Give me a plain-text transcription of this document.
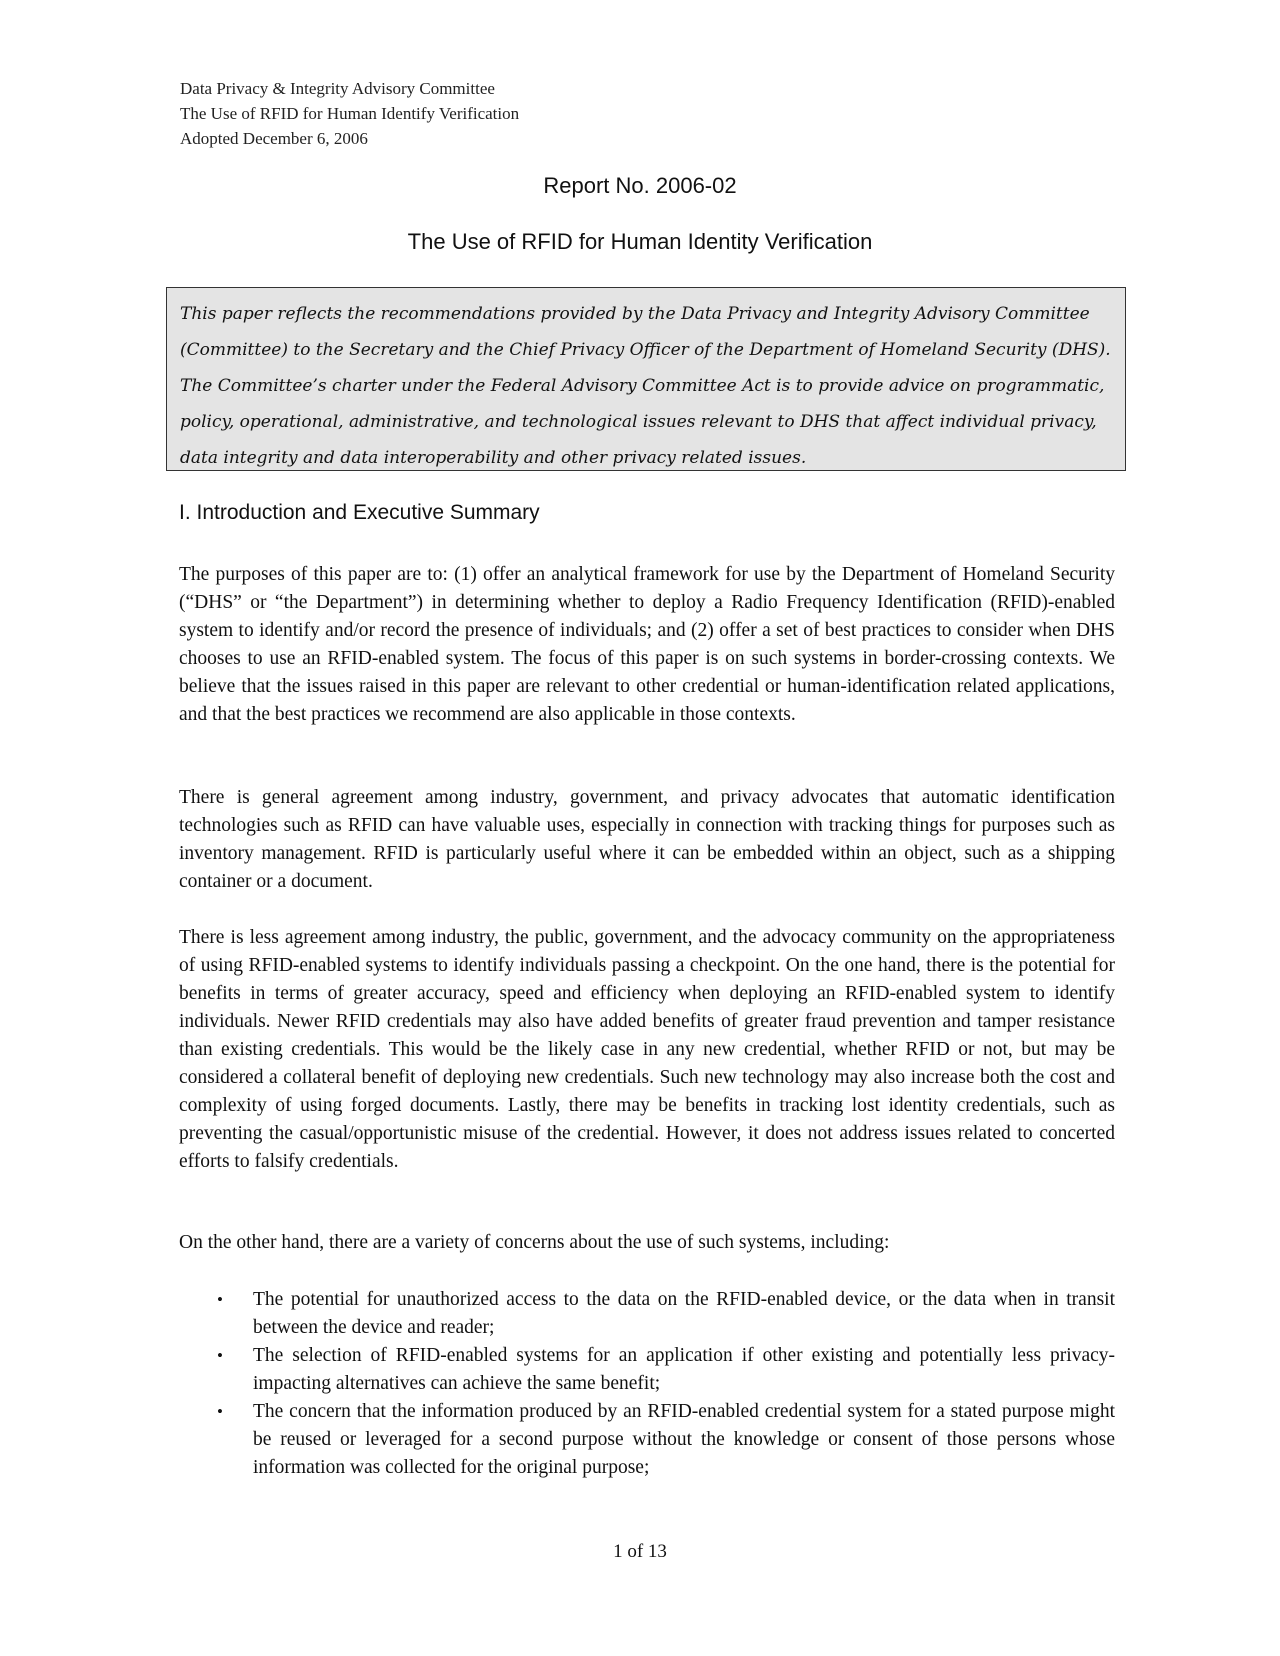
Data Privacy & Integrity Advisory Committee
The Use of RFID for Human Identify Verification
Adopted December 6, 2006
Report No. 2006-02
The Use of RFID for Human Identity Verification
This paper reflects the recommendations provided by the Data Privacy and Integrity Advisory Committee (Committee) to the Secretary and the Chief Privacy Officer of the Department of Homeland Security (DHS). The Committee’s charter under the Federal Advisory Committee Act is to provide advice on programmatic, policy, operational, administrative, and technological issues relevant to DHS that affect individual privacy, data integrity and data interoperability and other privacy related issues.
I. Introduction and Executive Summary

The purposes of this paper are to: (1) offer an analytical framework for use by the Department of Homeland Security (“DHS” or “the Department”) in determining whether to deploy a Radio Frequency Identification (RFID)-enabled system to identify and/or record the presence of individuals; and (2) offer a set of best practices to consider when DHS chooses to use an RFID-enabled system. The focus of this paper is on such systems in border-crossing contexts. We believe that the issues raised in this paper are relevant to other credential or human-identification related applications, and that the best practices we recommend are also applicable in those contexts.

There is general agreement among industry, government, and privacy advocates that automatic identification technologies such as RFID can have valuable uses, especially in connection with tracking things for purposes such as inventory management. RFID is particularly useful where it can be embedded within an object, such as a shipping container or a document.

There is less agreement among industry, the public, government, and the advocacy community on the appropriateness of using RFID-enabled systems to identify individuals passing a checkpoint. On the one hand, there is the potential for benefits in terms of greater accuracy, speed and efficiency when deploying an RFID-enabled system to identify individuals. Newer RFID credentials may also have added benefits of greater fraud prevention and tamper resistance than existing credentials. This would be the likely case in any new credential, whether RFID or not, but may be considered a collateral benefit of deploying new credentials. Such new technology may also increase both the cost and complexity of using forged documents. Lastly, there may be benefits in tracking lost identity credentials, such as preventing the casual/opportunistic misuse of the credential. However, it does not address issues related to concerted efforts to falsify credentials.

On the other hand, there are a variety of concerns about the use of such systems, including:

• The potential for unauthorized access to the data on the RFID-enabled device, or the data when in transit between the device and reader;
• The selection of RFID-enabled systems for an application if other existing and potentially less privacy-impacting alternatives can achieve the same benefit;
• The concern that the information produced by an RFID-enabled credential system for a stated purpose might be reused or leveraged for a second purpose without the knowledge or consent of those persons whose information was collected for the original purpose;
1 of 13
